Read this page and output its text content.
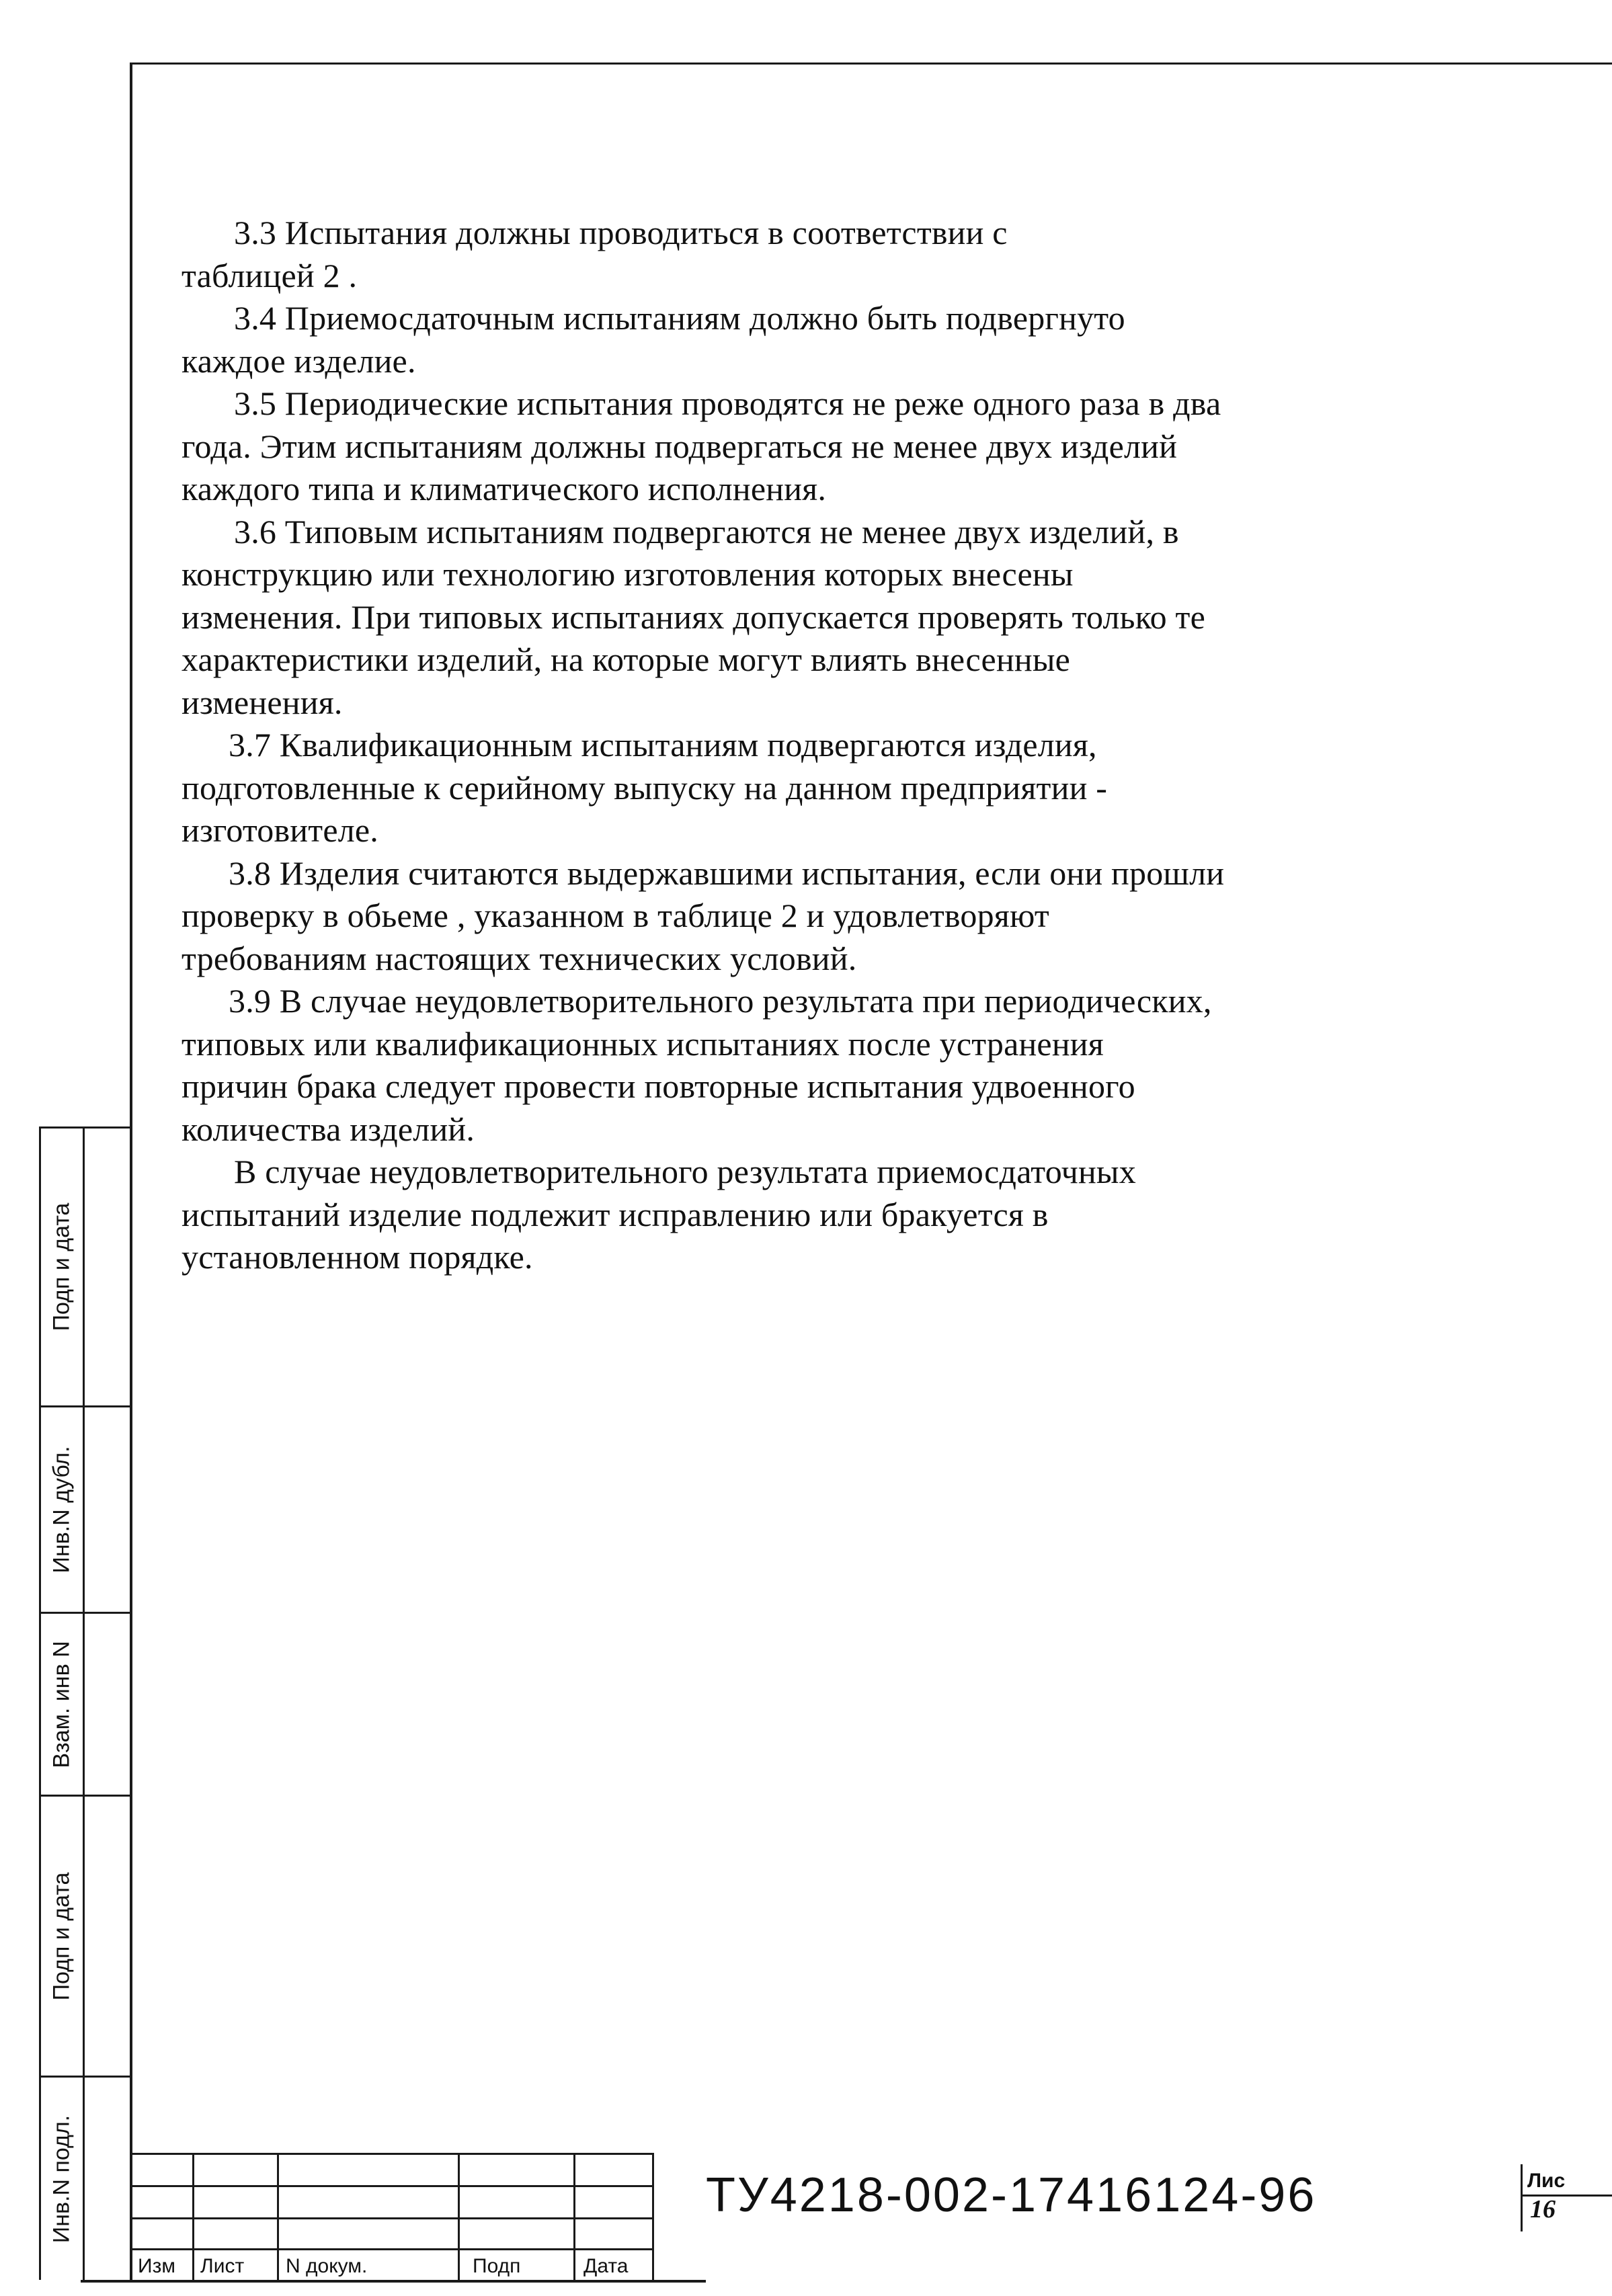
3.3 Испытания должны проводиться в соответствии с

таблицей 2 .

3.4 Приемосдаточным испытаниям должно быть подвергнуто

каждое изделие.

3.5 Периодические испытания проводятся не реже одного раза в два

года. Этим испытаниям должны подвергаться не менее двух изделий

каждого типа и климатического исполнения.

3.6 Типовым испытаниям подвергаются не менее двух изделий, в

конструкцию или технологию изготовления которых внесены

изменения. При типовых испытаниях допускается проверять только те

характеристики изделий, на которые могут влиять внесенные

изменения.

3.7 Квалификационным испытаниям подвергаются изделия,

подготовленные к серийному выпуску на данном предприятии -

изготовителе.

3.8 Изделия считаются выдержавшими испытания, если они прошли

проверку в обьеме , указанном в таблице 2 и удовлетворяют

требованиям настоящих технических условий.

3.9 В случае неудовлетворительного результата при периодических,

типовых или квалификационных испытаниях после устранения

причин брака следует провести повторные испытания удвоенного

количества изделий.

В случае неудовлетворительного результата приемосдаточных

испытаний изделие подлежит исправлению или бракуется в

установленном порядке.

Подп и дата
Инв.N дубл.
Взам. инв N
Подп и дата
Инв.N подл.
Изм Лист N докум.	Подп	Дата
ТУ4218-002-17416124-96	Лис
16
